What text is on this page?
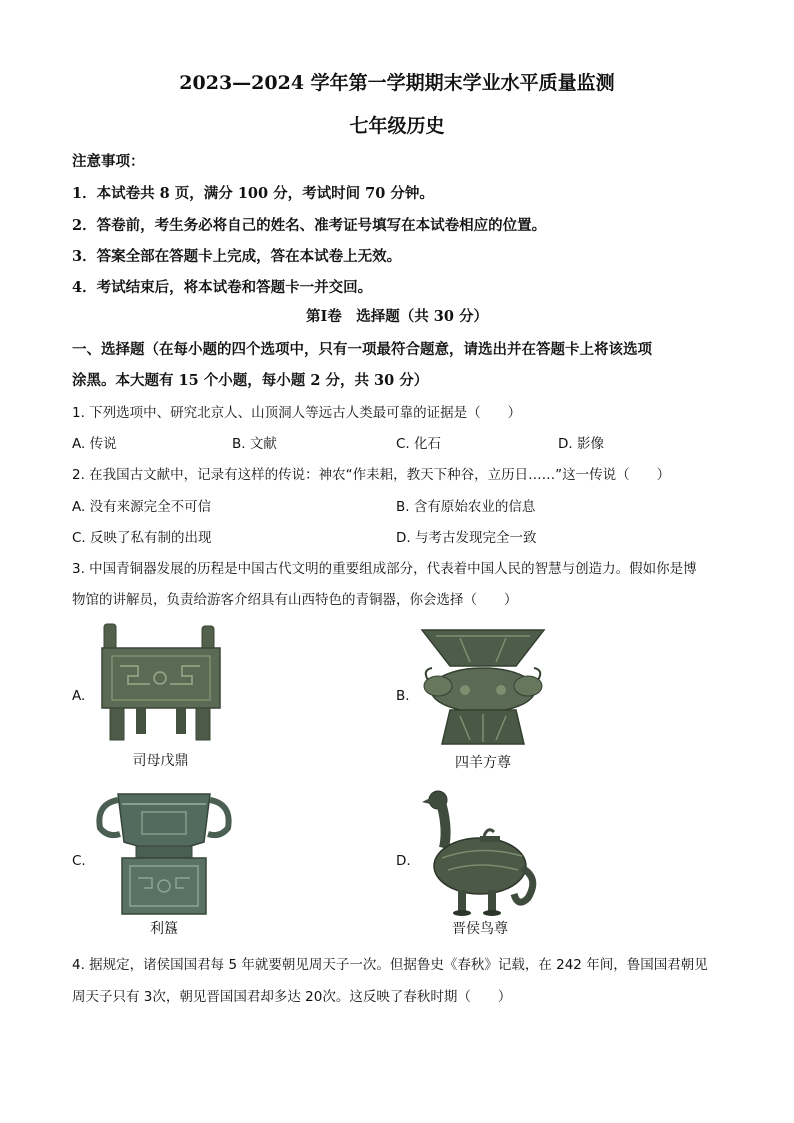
2023—2024 学年第一学期期末学业水平质量监测
七年级历史
注意事项：
1．本试卷共 8 页，满分 100 分，考试时间 70 分钟。
2．答卷前，考生务必将自己的姓名、准考证号填写在本试卷相应的位置。
3．答案全部在答题卡上完成，答在本试卷上无效。
4．考试结束后，将本试卷和答题卡一并交回。
第Ⅰ卷　选择题（共 30 分）
一、选择题（在每小题的四个选项中，只有一项最符合题意，请选出并在答题卡上将该选项
涂黑。本大题有 15 个小题，每小题 2 分，共 30 分）
1. 下列选项中、研究北京人、山顶洞人等远古人类最可靠的证据是（　　）
A. 传说	B. 文献	C. 化石	D. 影像
2. 在我国古文献中，记录有这样的传说：神农“作耒耜，教天下种谷，立历日……”这一传说（　　）
A. 没有来源完全不可信	B. 含有原始农业的信息
C. 反映了私有制的出现	D. 与考古发现完全一致
3. 中国青铜器发展的历程是中国古代文明的重要组成部分，代表着中国人民的智慧与创造力。假如你是博
物馆的讲解员，负责给游客介绍具有山西特色的青铜器，你会选择（　　）
A.
司母戊鼎
B.
四羊方尊
C.
利簋
D.
晋侯鸟尊
4. 据规定，诸侯国国君每 5 年就要朝见周天子一次。但据鲁史《春秋》记载，在 242 年间，鲁国国君朝见
周天子只有 3次，朝见晋国国君却多达 20次。这反映了春秋时期（　　）
